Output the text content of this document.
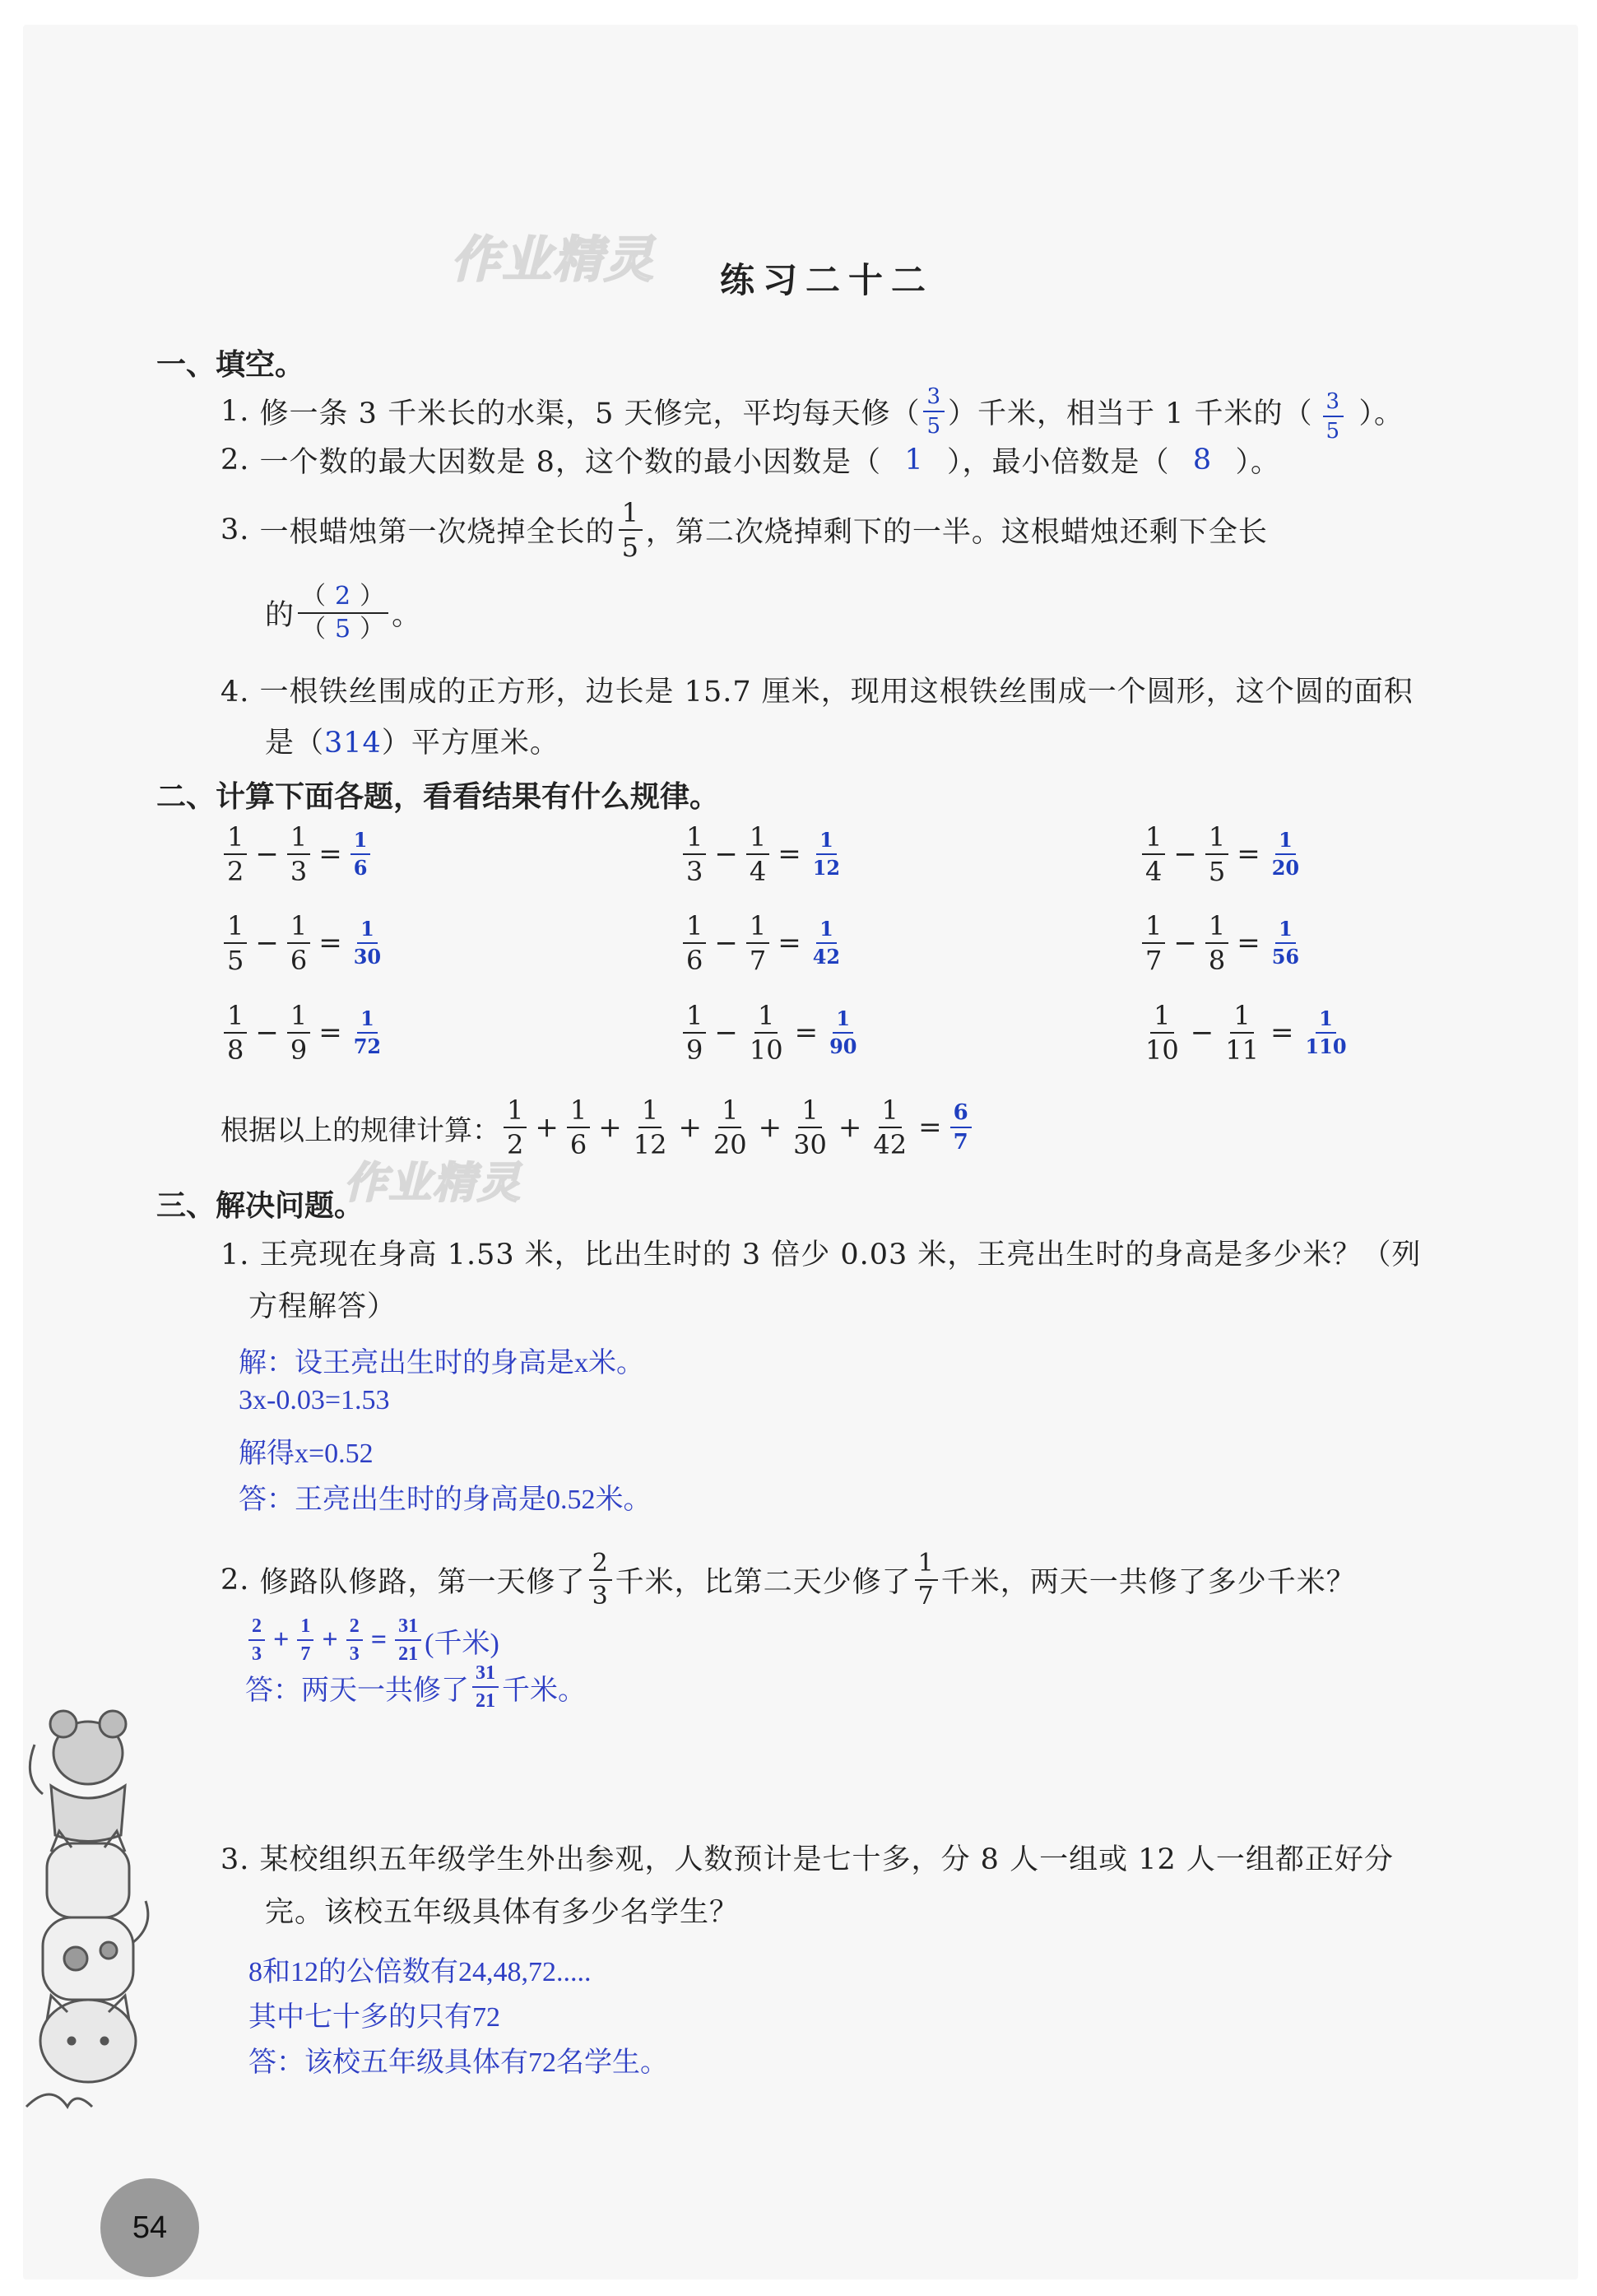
作业精灵
作业精灵
练习二十二
一、填空。
1.
修一条 3 千米长的水渠，5 天修完，平均每天修（ $\frac{3}{5}$ ）千米，相当于 1 千米的（ $\frac{3}{5}$ ）。
2.
一个数的最大因数是 8，这个数的最小因数是（ 1 ），最小倍数是（ 8 ）。
3.
一根蜡烛第一次烧掉全长的 $\frac{1}{5}$ ，第二次烧掉剩下的一半。这根蜡烛还剩下全长
的 $\frac{( 2 )}{( 5 )}$ 。
4. 一根铁丝围成的正方形，边长是 15.7 厘米，现用这根铁丝围成一个圆形，这个圆的面积
是（314）平方厘米。
二、计算下面各题，看看结果有什么规律。
$\frac{1}{2} - \frac{1}{3} = \frac{1}{6}$	$\frac{1}{3} - \frac{1}{4} = \frac{1}{12}$	$\frac{1}{4} - \frac{1}{5} = \frac{1}{20}$
$\frac{1}{5} - \frac{1}{6} = \frac{1}{30}$	$\frac{1}{6} - \frac{1}{7} = \frac{1}{42}$	$\frac{1}{7} - \frac{1}{8} = \frac{1}{56}$
$\frac{1}{8} - \frac{1}{9} = \frac{1}{72}$	$\frac{1}{9} - \frac{1}{10} = \frac{1}{90}$	$\frac{1}{10} - \frac{1}{11} = \frac{1}{110}$
根据以上的规律计算： $\frac{1}{2} + \frac{1}{6} + \frac{1}{12} + \frac{1}{20} + \frac{1}{30} + \frac{1}{42} = \frac{6}{7}$
三、解决问题。
1. 王亮现在身高 1.53 米，比出生时的 3 倍少 0.03 米，王亮出生时的身高是多少米？（列
方程解答）
解：设王亮出生时的身高是x米。
3x-0.03=1.53
解得x=0.52
答：王亮出生时的身高是0.52米。
2.
修路队修路，第一天修了 $\frac{2}{3}$ 千米，比第二天少修了 $\frac{1}{7}$ 千米，两天一共修了多少千米？
$\frac{2}{3} + \frac{1}{7} + \frac{2}{3} = \frac{31}{21}$ (千米)
答：两天一共修了 $\frac{31}{21}$ 千米。
3. 某校组织五年级学生外出参观，人数预计是七十多，分 8 人一组或 12 人一组都正好分
完。该校五年级具体有多少名学生？
8和12的公倍数有24,48,72.....
其中七十多的只有72
答：该校五年级具体有72名学生。
54
